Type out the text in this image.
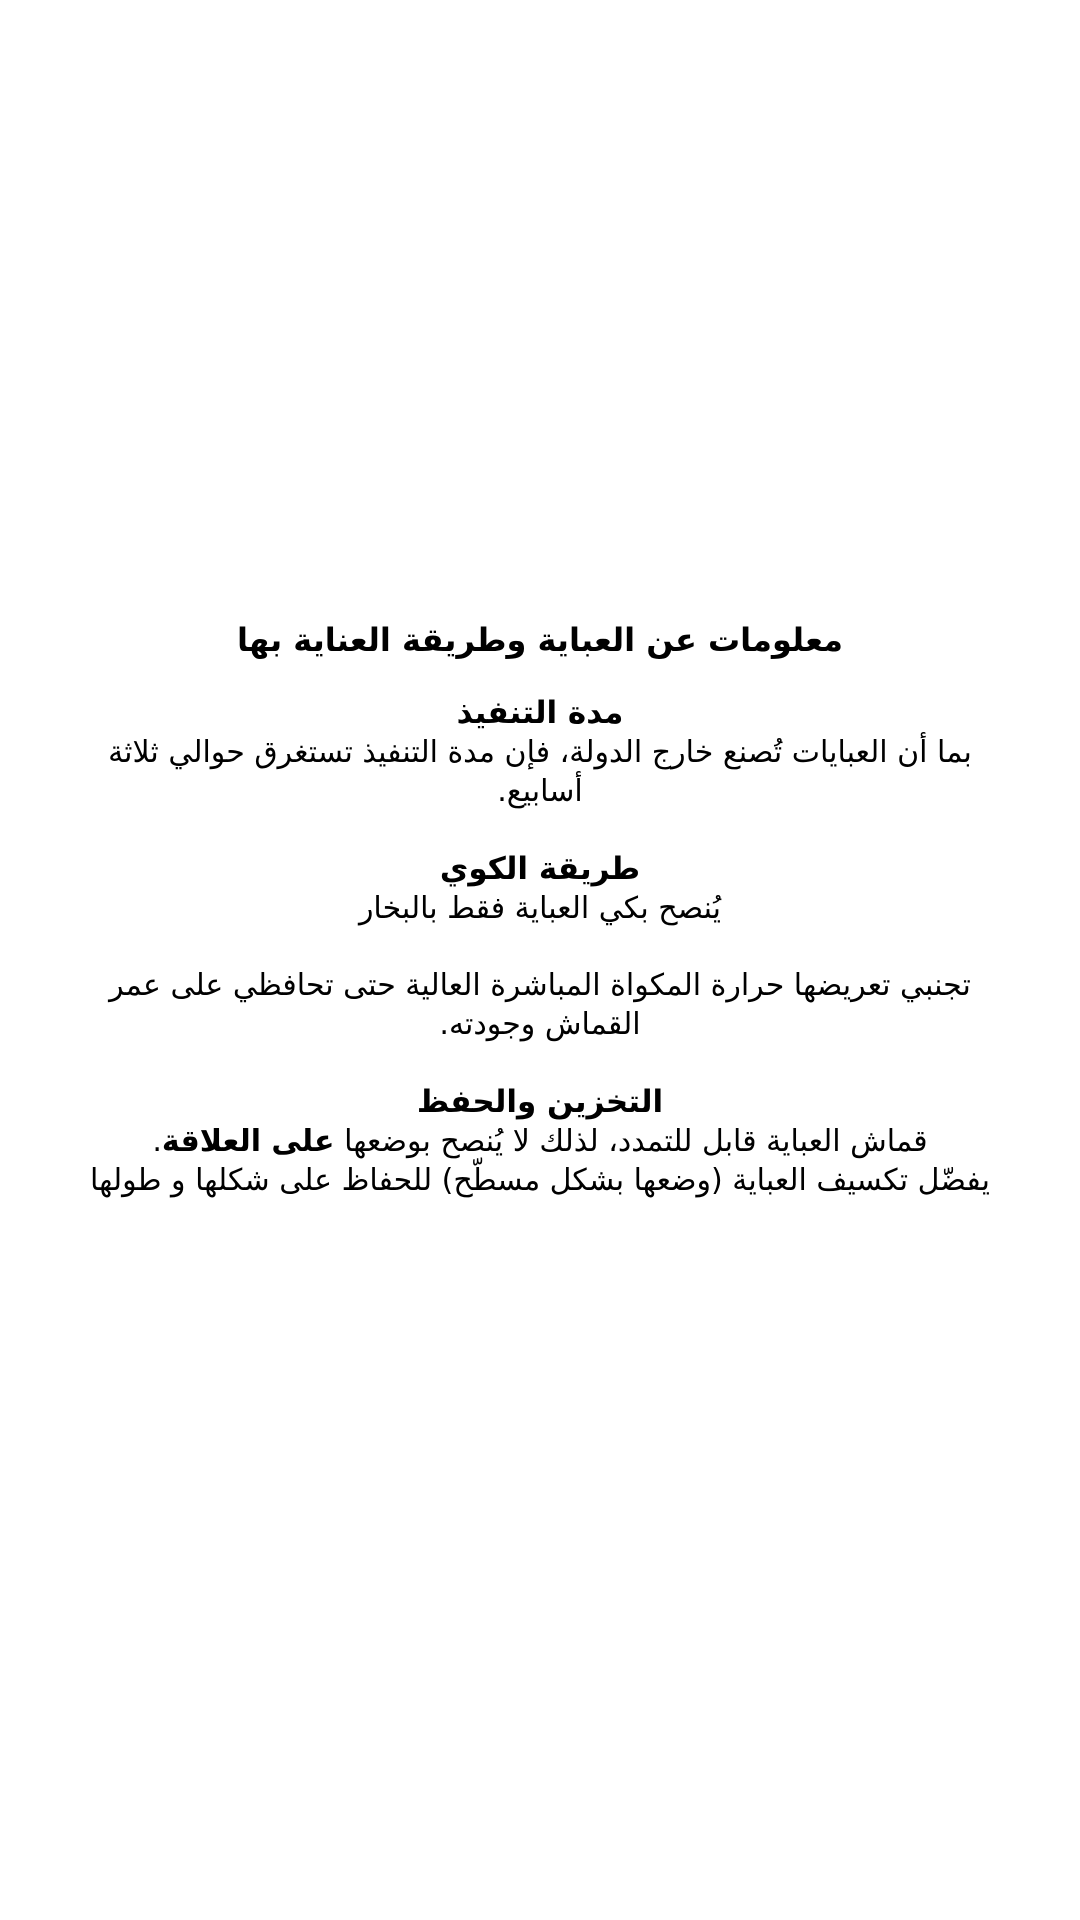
معلومات عن العباية وطريقة العناية بها
مدة التنفيذ

بما أن العبايات تُصنع خارج الدولة، فإن مدة التنفيذ تستغرق حوالي ثلاثة أسابيع.

طريقة الكوي

يُنصح بكي العباية فقط بالبخار

تجنبي تعريضها حرارة المكواة المباشرة العالية حتى تحافظي على عمر القماش وجودته.

التخزين والحفظ

قماش العباية قابل للتمدد، لذلك لا يُنصح بوضعها على العلاقة.

يفضّل تكسيف العباية (وضعها بشكل مسطّح) للحفاظ على شكلها و طولها
